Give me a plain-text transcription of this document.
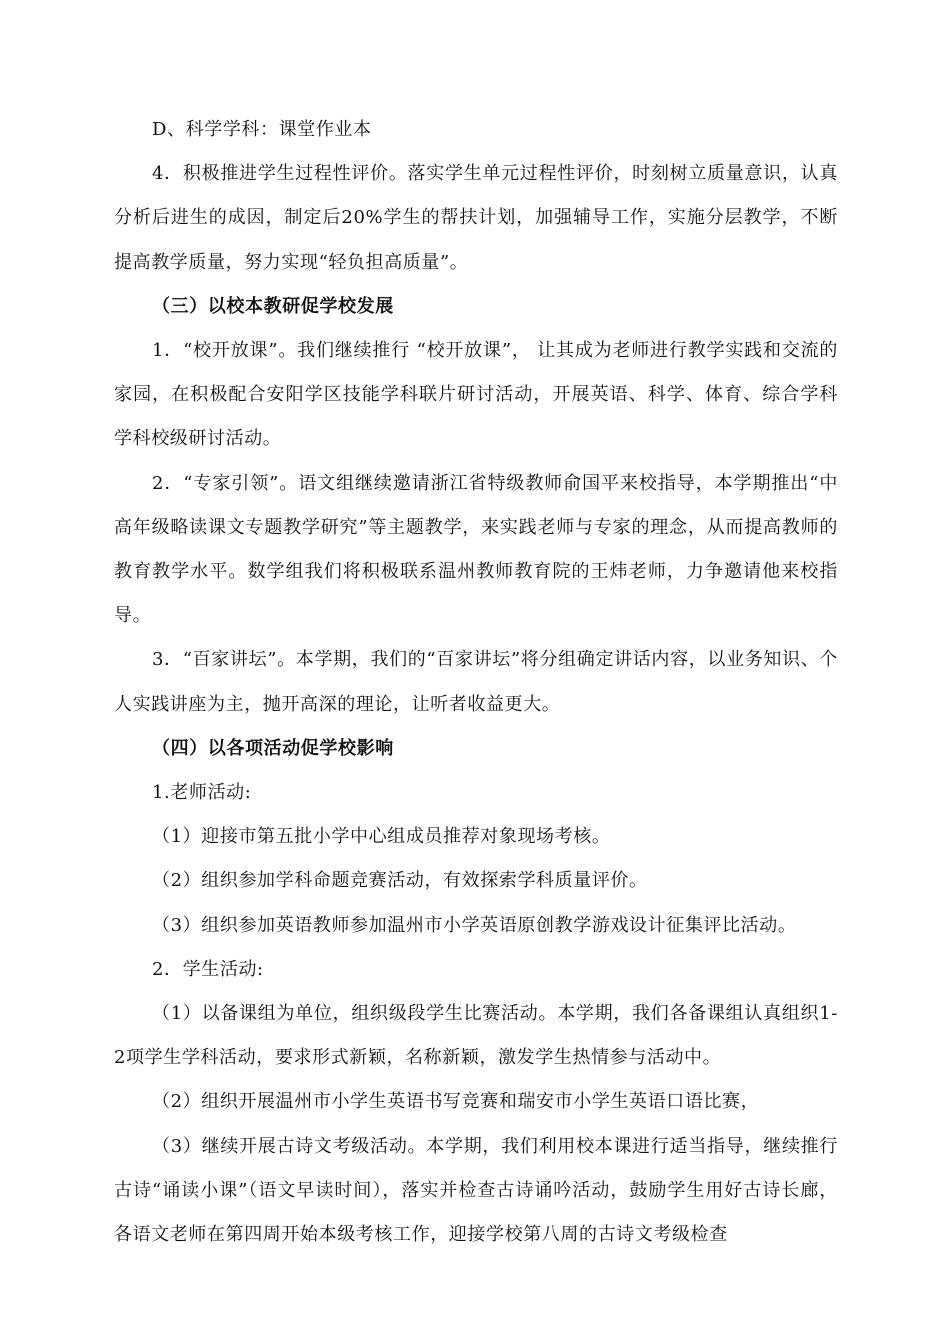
D、科学学科：课堂作业本

4．积极推进学生过程性评价。落实学生单元过程性评价，时刻树立质量意识，认真分析后进生的成因，制定后20%学生的帮扶计划，加强辅导工作，实施分层教学，不断提高教学质量，努力实现“轻负担高质量”。

（三）以校本教研促学校发展

1．“校开放课”。我们继续推行 “校开放课”， 让其成为老师进行教学实践和交流的家园，在积极配合安阳学区技能学科联片研讨活动，开展英语、科学、体育、综合学科学科校级研讨活动。

2．“专家引领”。语文组继续邀请浙江省特级教师俞国平来校指导，本学期推出“中高年级略读课文专题教学研究”等主题教学，来实践老师与专家的理念，从而提高教师的教育教学水平。数学组我们将积极联系温州教师教育院的王炜老师，力争邀请他来校指导。

3．“百家讲坛”。本学期，我们的“百家讲坛”将分组确定讲话内容，以业务知识、个人实践讲座为主，抛开高深的理论，让听者收益更大。

（四）以各项活动促学校影响

1.老师活动:

（1）迎接市第五批小学中心组成员推荐对象现场考核。

（2）组织参加学科命题竞赛活动，有效探索学科质量评价。

（3）组织参加英语教师参加温州市小学英语原创教学游戏设计征集评比活动。

2．学生活动:

（1）以备课组为单位，组织级段学生比赛活动。本学期，我们各备课组认真组织1-2项学生学科活动，要求形式新颖，名称新颖，激发学生热情参与活动中。

（2）组织开展温州市小学生英语书写竞赛和瑞安市小学生英语口语比赛，

（3）继续开展古诗文考级活动。本学期，我们利用校本课进行适当指导，继续推行古诗“诵读小课”（语文早读时间），落实并检查古诗诵吟活动，鼓励学生用好古诗长廊，各语文老师在第四周开始本级考核工作，迎接学校第八周的古诗文考级检查
